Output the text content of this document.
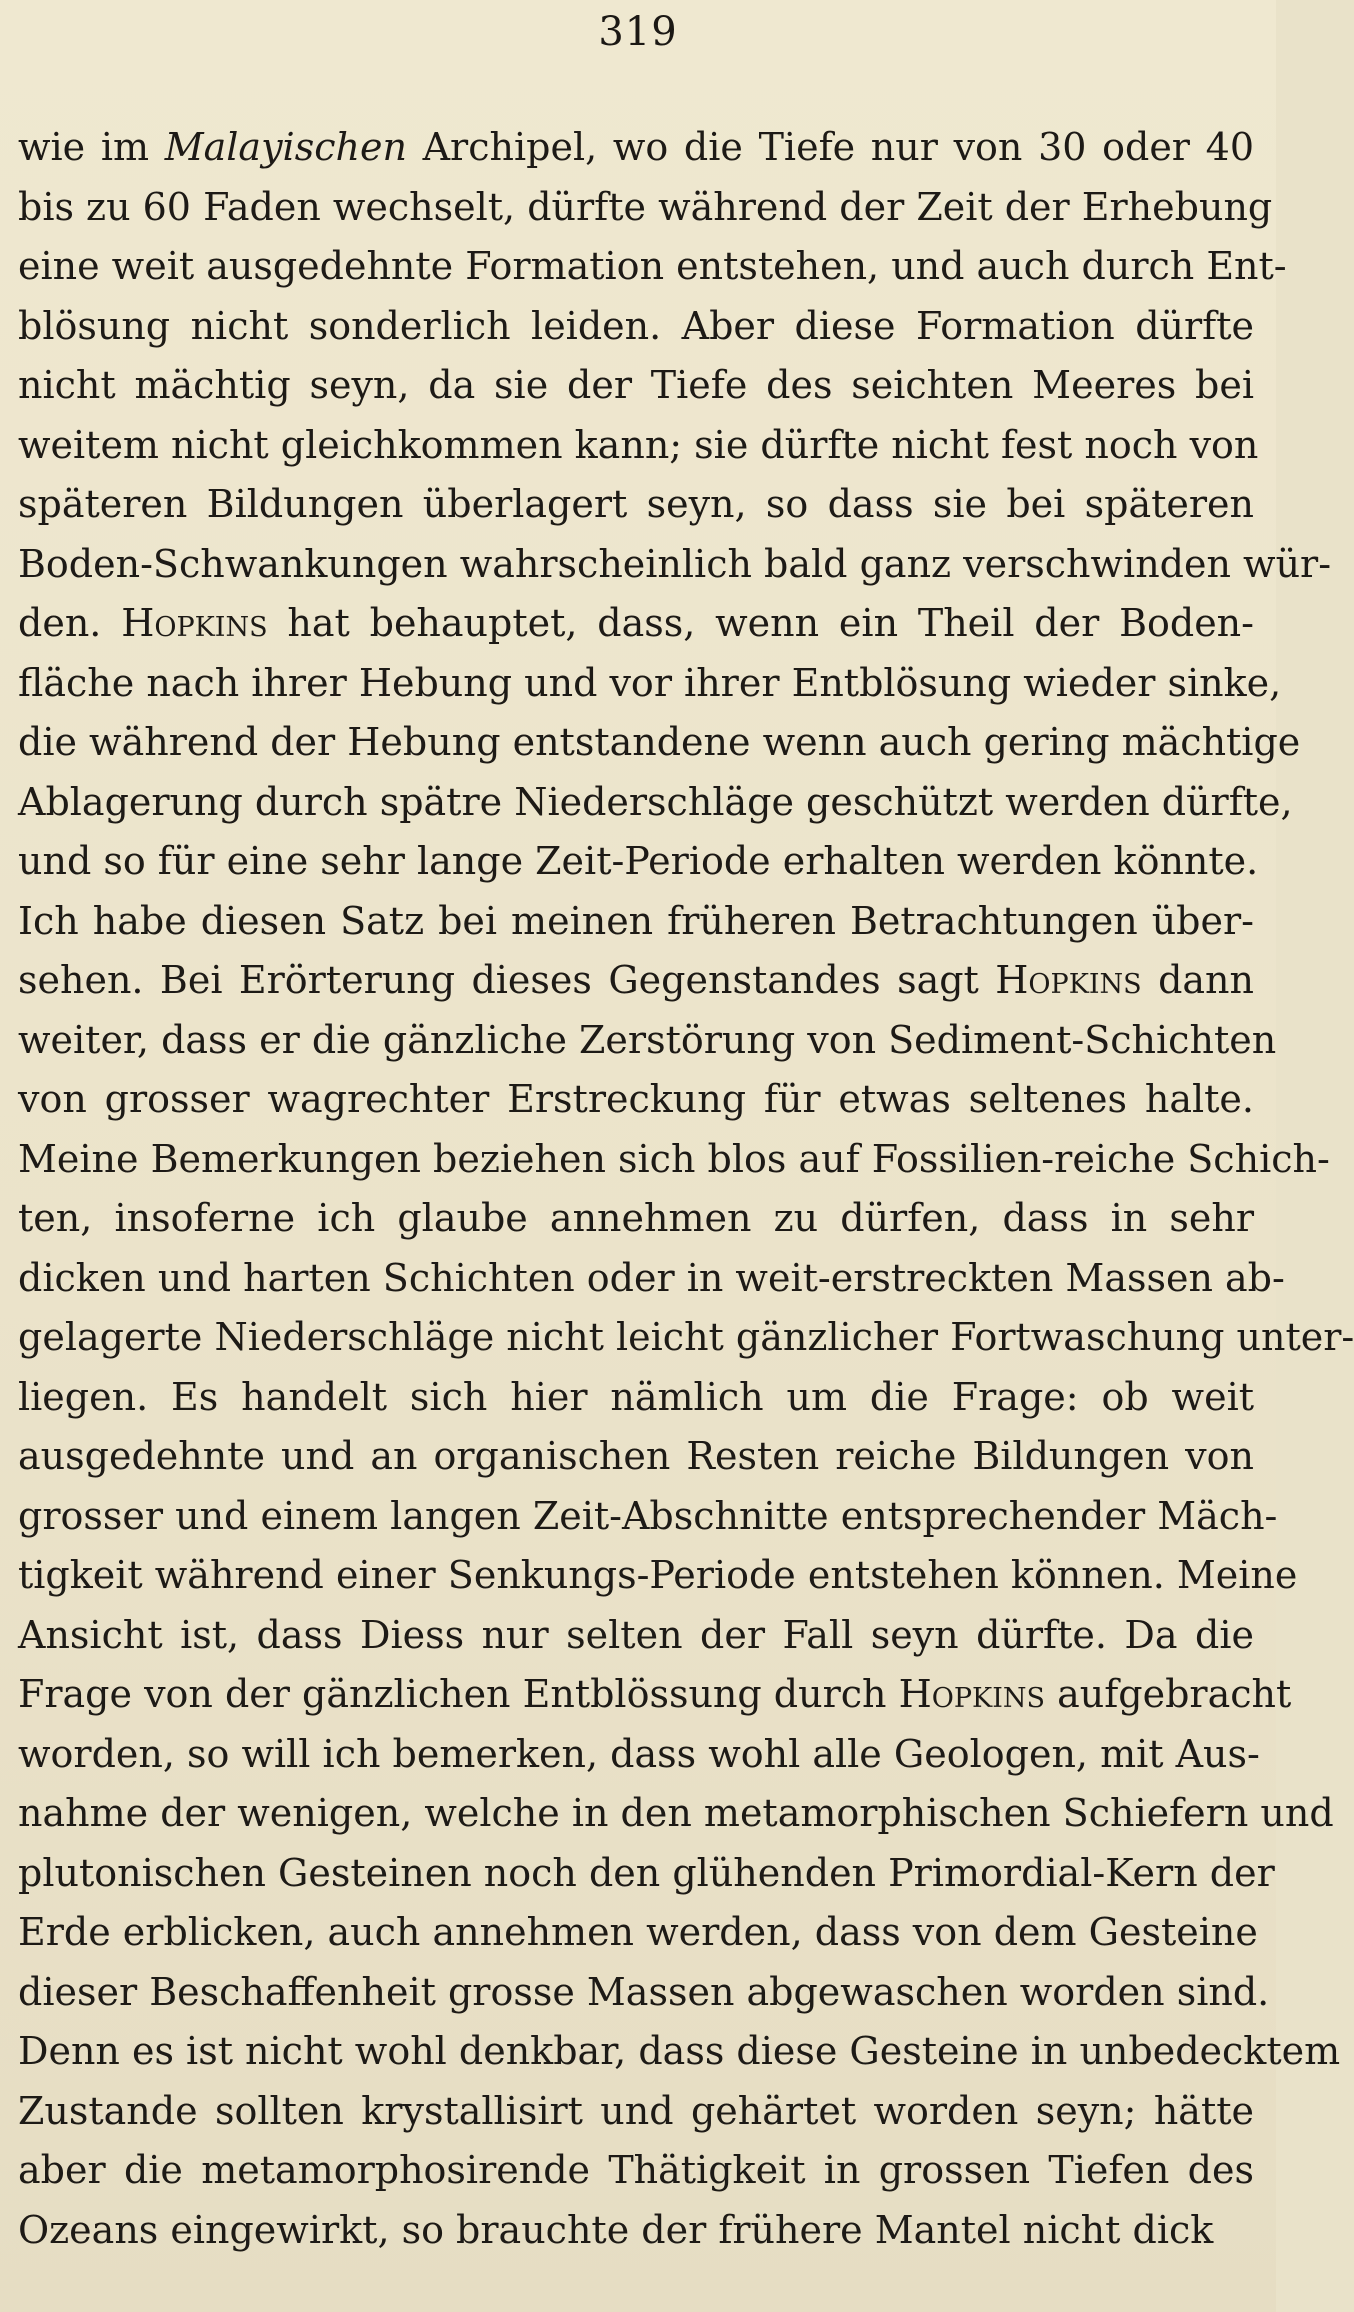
319
wie im Malayischen Archipel, wo die Tiefe nur von 30 oder 40
bis zu 60 Faden wechselt, dürfte während der Zeit der Erhebung
eine weit ausgedehnte Formation entstehen, und auch durch Ent-
blösung nicht sonderlich leiden. Aber diese Formation dürfte
nicht mächtig seyn, da sie der Tiefe des seichten Meeres bei
weitem nicht gleichkommen kann; sie dürfte nicht fest noch von
späteren Bildungen überlagert seyn, so dass sie bei späteren
Boden-Schwankungen wahrscheinlich bald ganz verschwinden wür-
den. Hopkins hat behauptet, dass, wenn ein Theil der Boden-
fläche nach ihrer Hebung und vor ihrer Entblösung wieder sinke,
die während der Hebung entstandene wenn auch gering mächtige
Ablagerung durch spätre Niederschläge geschützt werden dürfte,
und so für eine sehr lange Zeit-Periode erhalten werden könnte.
Ich habe diesen Satz bei meinen früheren Betrachtungen über-
sehen. Bei Erörterung dieses Gegenstandes sagt Hopkins dann
weiter, dass er die gänzliche Zerstörung von Sediment-Schichten
von grosser wagrechter Erstreckung für etwas seltenes halte.
Meine Bemerkungen beziehen sich blos auf Fossilien-reiche Schich-
ten, insoferne ich glaube annehmen zu dürfen, dass in sehr
dicken und harten Schichten oder in weit-erstreckten Massen ab-
gelagerte Niederschläge nicht leicht gänzlicher Fortwaschung unter-
liegen. Es handelt sich hier nämlich um die Frage: ob weit
ausgedehnte und an organischen Resten reiche Bildungen von
grosser und einem langen Zeit-Abschnitte entsprechender Mäch-
tigkeit während einer Senkungs-Periode entstehen können. Meine
Ansicht ist, dass Diess nur selten der Fall seyn dürfte. Da die
Frage von der gänzlichen Entblössung durch Hopkins aufgebracht
worden, so will ich bemerken, dass wohl alle Geologen, mit Aus-
nahme der wenigen, welche in den metamorphischen Schiefern und
plutonischen Gesteinen noch den glühenden Primordial-Kern der
Erde erblicken, auch annehmen werden, dass von dem Gesteine
dieser Beschaffenheit grosse Massen abgewaschen worden sind.
Denn es ist nicht wohl denkbar, dass diese Gesteine in unbedecktem
Zustande sollten krystallisirt und gehärtet worden seyn; hätte
aber die metamorphosirende Thätigkeit in grossen Tiefen des
Ozeans eingewirkt, so brauchte der frühere Mantel nicht dick
